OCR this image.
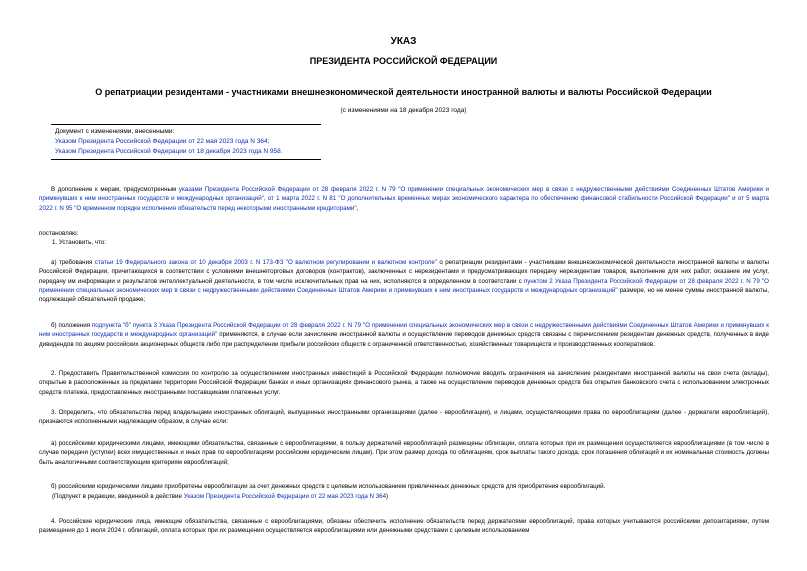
УКАЗ
ПРЕЗИДЕНТА РОССИЙСКОЙ ФЕДЕРАЦИИ
О репатриации резидентами - участниками внешнеэкономической деятельности иностранной валюты и валюты Российской Федерации
(с изменениями на 18 декабря 2023 года)
Документ с изменениями, внесенными:
Указом Президента Российской Федерации от 22 мая 2023 года N 364;
Указом Президента Российской Федерации от 18 декабря 2023 года N 958.
В дополнение к мерам, предусмотренным указами Президента Российской Федерации от 28 февраля 2022 г. N 79 "О применении специальных экономических мер в связи с недружественными действиями Соединенных Штатов Америки и примкнувших к ним иностранных государств и международных организаций", от 1 марта 2022 г. N 81 "О дополнительных временных мерах экономического характера по обеспечению финансовой стабильности Российской Федерации" и от 5 марта 2022 г. N 95 "О временном порядке исполнения обязательств перед некоторыми иностранными кредиторами",
постановляю:
1. Установить, что:
а) требования статьи 19 Федерального закона от 10 декабря 2003 г. N 173-ФЗ "О валютном регулировании и валютном контроле" о репатриации резидентами - участниками внешнеэкономической деятельности иностранной валюты и валюты Российской Федерации, причитающихся в соответствии с условиями внешнеторговых договоров (контрактов), заключенных с нерезидентами и предусматривающих передачу нерезидентам товаров, выполнение для них работ, оказание им услуг, передачу им информации и результатов интеллектуальной деятельности, в том числе исключительных прав на них, исполняются в определенном в соответствии с пунктом 2 Указа Президента Российской Федерации от 28 февраля 2022 г. N 79 "О применении специальных экономических мер в связи с недружественными действиями Соединенных Штатов Америки и примкнувших к ним иностранных государств и международных организаций" размере, но не менее суммы иностранной валюты, подлежащей обязательной продаже;
б) положения подпункта "б" пункта 3 Указа Президента Российской Федерации от 28 февраля 2022 г. N 79 "О применении специальных экономических мер в связи с недружественными действиями Соединенных Штатов Америки и примкнувших к ним иностранных государств и международных организаций" применяются, в случае если зачисление иностранной валюты и осуществление переводов денежных средств связаны с перечислением резидентам денежных средств, полученных в виде дивидендов по акциям российских акционерных обществ либо при распределении прибыли российских обществ с ограниченной ответственностью, хозяйственных товариществ и производственных кооперативов.
2. Предоставить Правительственной комиссии по контролю за осуществлением иностранных инвестиций в Российской Федерации полномочие вводить ограничения на зачисление резидентами иностранной валюты на свои счета (вклады), открытые в расположенных за пределами территории Российской Федерации банках и иных организациях финансового рынка, а также на осуществление переводов денежных средств без открытия банковского счета с использованием электронных средств платежа, предоставленных иностранными поставщиками платежных услуг.
3. Определить, что обязательства перед владельцами иностранных облигаций, выпущенных иностранными организациями (далее - еврооблигации), и лицами, осуществляющими права по еврооблигациям (далее - держатели еврооблигаций), признаются исполненными надлежащим образом, в случае если:
а) российскими юридическими лицами, имеющими обязательства, связанные с еврооблигациями, в пользу держателей еврооблигаций размещены облигации, оплата которых при их размещении осуществляется еврооблигациями (в том числе в случае передачи (уступки) всех имущественных и иных прав по еврооблигациям российским юридическим лицам). При этом размер дохода по облигациям, срок выплаты такого дохода, срок погашения облигаций и их номинальная стоимость должны быть аналогичными соответствующим критериям еврооблигаций;
б) российскими юридическими лицами приобретены еврооблигации за счет денежных средств с целевым использованием привлеченных денежных средств для приобретения еврооблигаций.
(Подпункт в редакции, введенной в действие Указом Президента Российской Федерации от 22 мая 2023 года N 364)
4. Российские юридические лица, имеющие обязательства, связанные с еврооблигациями, обязаны обеспечить исполнение обязательств перед держателями еврооблигаций, права которых учитываются российскими депозитариями, путем размещения до 1 июля 2024 г. облигаций, оплата которых при их размещении осуществляется еврооблигациями или денежными средствами с целевым использованием
